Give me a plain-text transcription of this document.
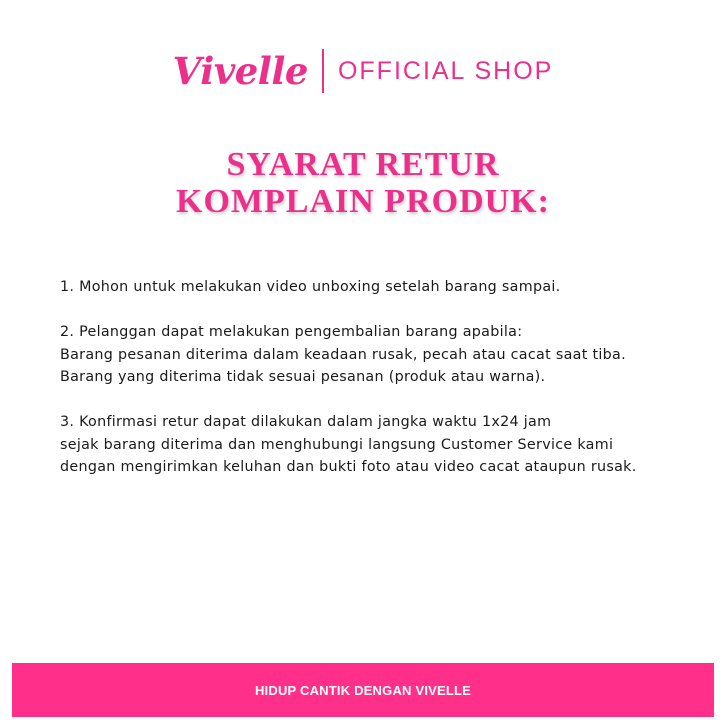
Vivelle	OFFICIAL SHOP
SYARAT RETUR
KOMPLAIN PRODUK:
1. Mohon untuk melakukan video unboxing setelah barang sampai.
2. Pelanggan dapat melakukan pengembalian barang apabila:
Barang pesanan diterima dalam keadaan rusak, pecah atau cacat saat tiba.
Barang yang diterima tidak sesuai pesanan (produk atau warna).
3. Konfirmasi retur dapat dilakukan dalam jangka waktu 1x24 jam
sejak barang diterima dan menghubungi langsung Customer Service kami
dengan mengirimkan keluhan dan bukti foto atau video cacat ataupun rusak.
HIDUP CANTIK DENGAN VIVELLE
